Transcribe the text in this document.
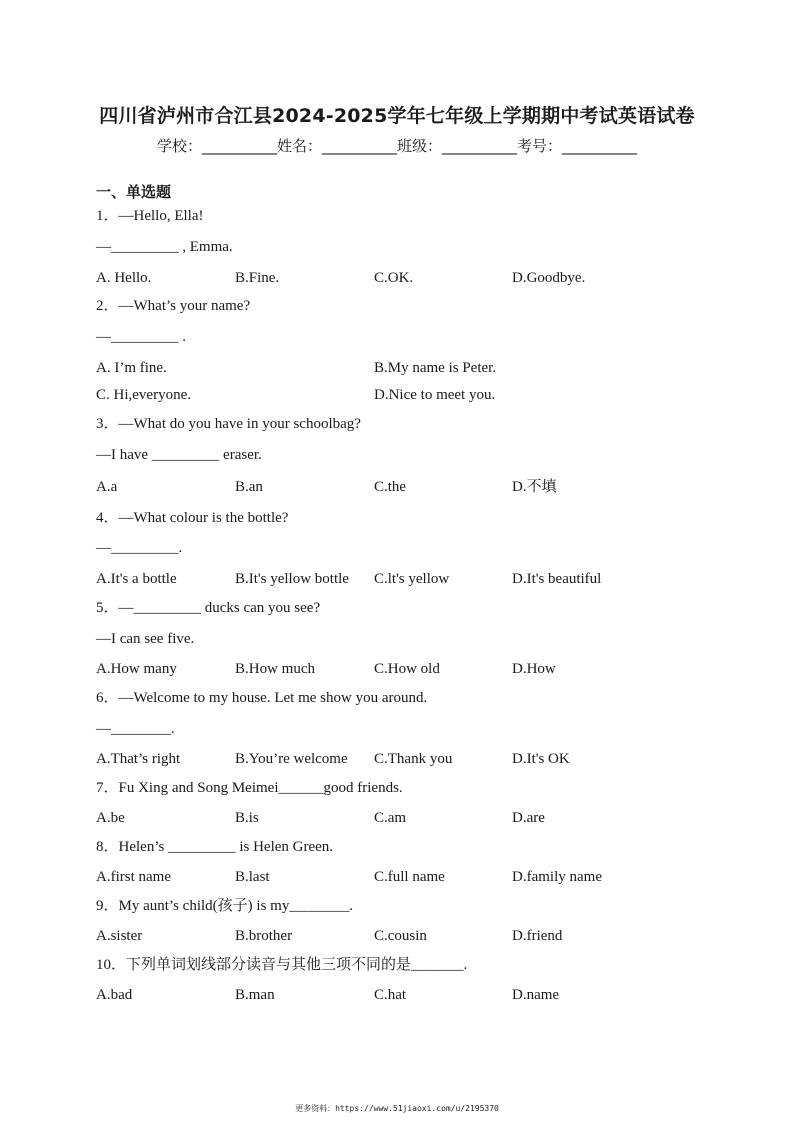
四川省泸州市合江县2024-2025学年七年级上学期期中考试英语试卷
学校：__________姓名：__________班级：__________考号：__________
一、单选题
1．—Hello, Ella!
—_________ , Emma.
A. Hello.	B.Fine.	C.OK.	D.Goodbye.
2．—What’s your name?
—_________ .
A. I’m fine.	B.My name is Peter.
C. Hi,everyone.	D.Nice to meet you.
3．—What do you have in your schoolbag?
—I have _________ eraser.
A.a	B.an	C.the	D.不填
4．—What colour is the bottle?
—_________.
A.It's a bottle	B.It's yellow bottle C.lt's yellow	D.It's beautiful
5．—_________ ducks can you see?
—I can see five.
A.How many	B.How much	C.How old	D.How
6．—Welcome to my house. Let me show you around.
—________.
A.That’s right	B.You’re welcome C.Thank you	D.It's OK
7．Fu Xing and Song Meimei______good friends.
A.be	B.is	C.am	D.are
8．Helen’s _________ is Helen Green.
A.first name	B.last	C.full name	D.family name
9．My aunt’s child(孩子) is my________.
A.sister	B.brother	C.cousin	D.friend
10．下列单词划线部分读音与其他三项不同的是_______.
A.bad	B.man	C.hat	D.name
更多资料：https://www.51jiaoxi.com/u/2195370
